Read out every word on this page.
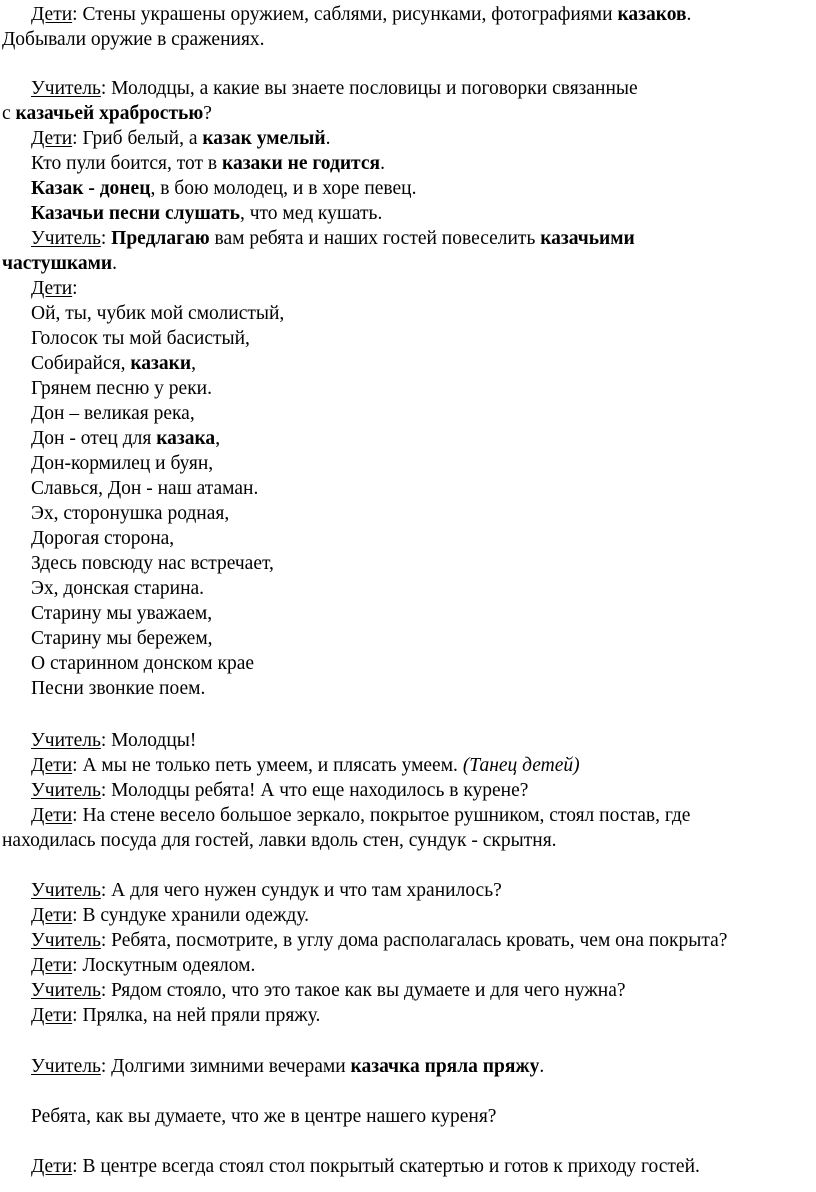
Дети: Стены украшены оружием, саблями, рисунками, фотографиями казаков.
Добывали оружие в сражениях.
Учитель: Молодцы, а какие вы знаете пословицы и поговорки связанные
с казачьей храбростью?
Дети: Гриб белый, а казак умелый.
Кто пули боится, тот в казаки не годится.
Казак - донец, в бою молодец, и в хоре певец.
Казачьи песни слушать, что мед кушать.
Учитель: Предлагаю вам ребята и наших гостей повеселить казачьими
частушками.
Дети:
Ой, ты, чубик мой смолистый,
Голосок ты мой басистый,
Собирайся, казаки,
Грянем песню у реки.
Дон – великая река,
Дон - отец для казака,
Дон-кормилец и буян,
Славься, Дон - наш атаман.
Эх, сторонушка родная,
Дорогая сторона,
Здесь повсюду нас встречает,
Эх, донская старина.
Старину мы уважаем,
Старину мы бережем,
О старинном донском крае
Песни звонкие поем.
Учитель: Молодцы!
Дети: А мы не только петь умеем, и плясать умеем. (Танец детей)
Учитель: Молодцы ребята! А что еще находилось в курене?
Дети: На стене весело большое зеркало, покрытое рушником, стоял постав, где
находилась посуда для гостей, лавки вдоль стен, сундук - скрытня.
Учитель: А для чего нужен сундук и что там хранилось?
Дети: В сундуке хранили одежду.
Учитель: Ребята, посмотрите, в углу дома располагалась кровать, чем она покрыта?
Дети: Лоскутным одеялом.
Учитель: Рядом стояло, что это такое как вы думаете и для чего нужна?
Дети: Прялка, на ней пряли пряжу.
Учитель: Долгими зимними вечерами казачка пряла пряжу.
Ребята, как вы думаете, что же в центре нашего куреня?
Дети: В центре всегда стоял стол покрытый скатертью и готов к приходу гостей.
